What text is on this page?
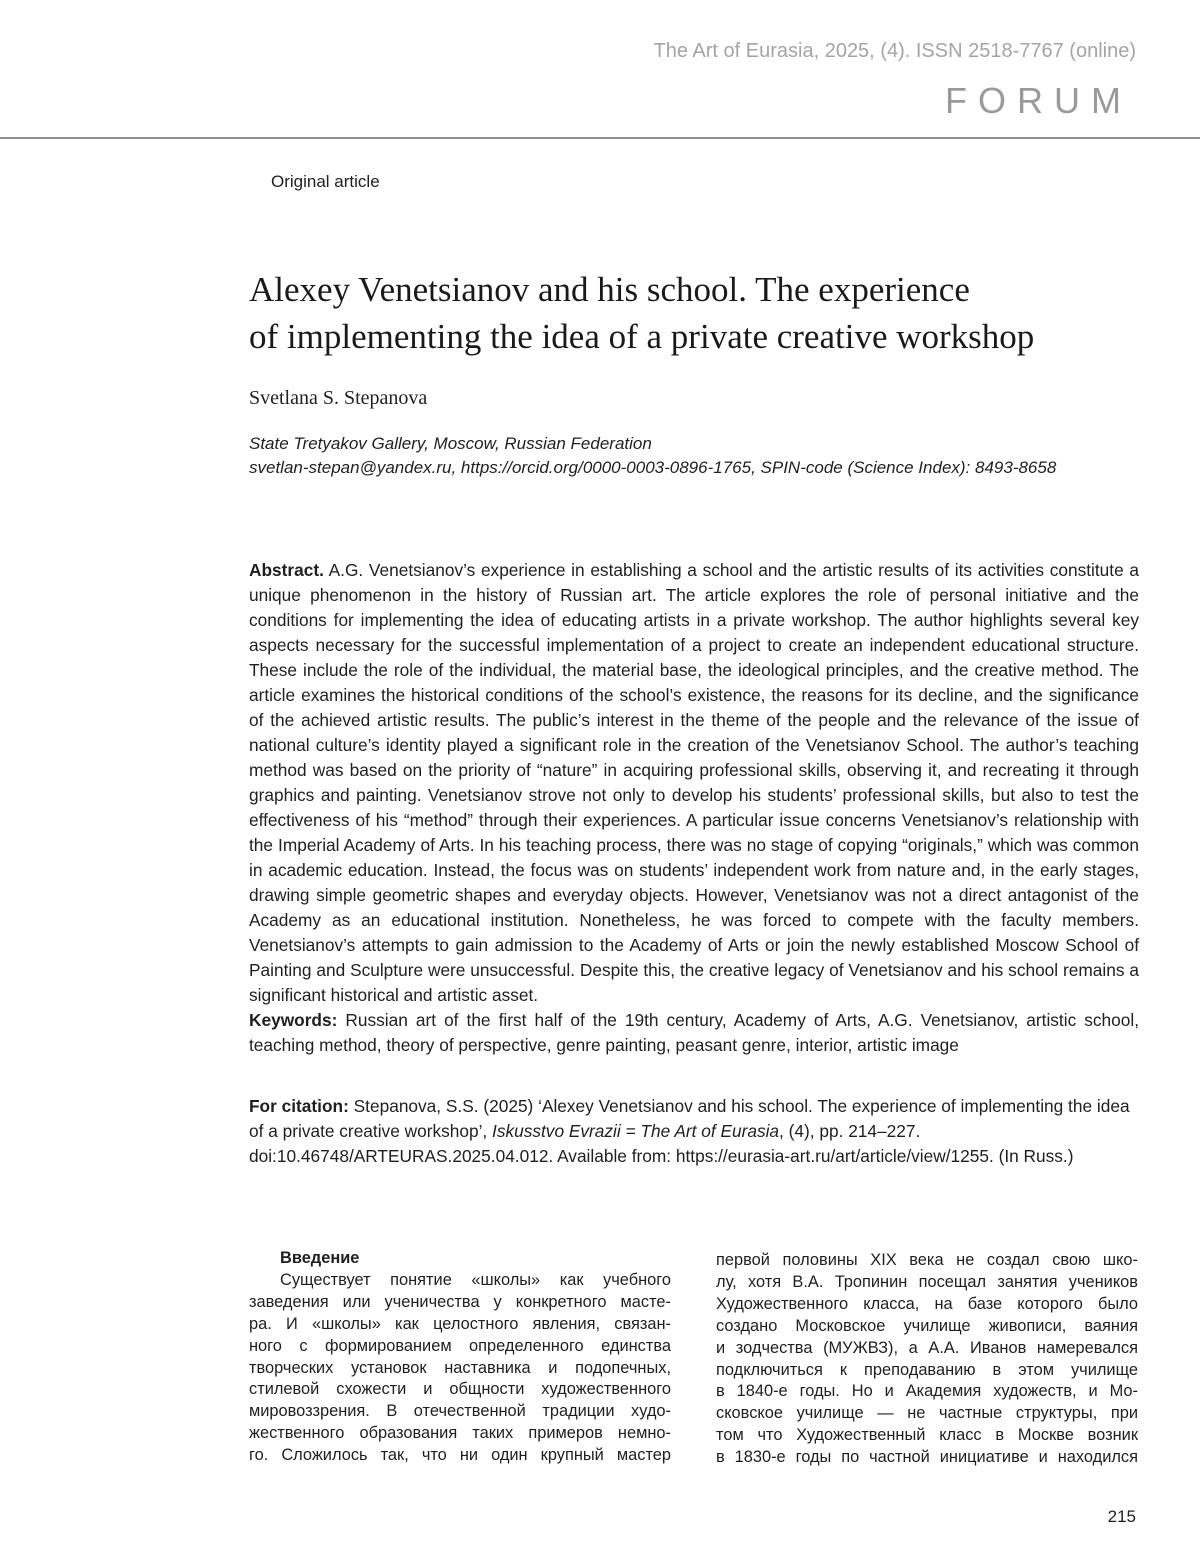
The Art of Eurasia, 2025, (4). ISSN 2518-7767 (online)
FORUM
Original article
Alexey Venetsianov and his school. The experience
of implementing the idea of a private creative workshop
Svetlana S. Stepanova
State Tretyakov Gallery, Moscow, Russian Federation
svetlan-stepan@yandex.ru, https://orcid.org/0000-0003-0896-1765, SPIN-code (Science Index): 8493-8658
Abstract. A.G. Venetsianov’s experience in establishing a school and the artistic results of its activities constitute a unique phenomenon in the history of Russian art. The article explores the role of personal initiative and the conditions for implementing the idea of educating artists in a private workshop. The author highlights several key aspects necessary for the successful implementation of a project to create an independent educational structure. These include the role of the individual, the material base, the ideological principles, and the creative method. The article examines the historical conditions of the school’s existence, the reasons for its decline, and the significance of the achieved artistic results. The public’s interest in the theme of the people and the relevance of the issue of national culture’s identity played a significant role in the creation of the Venetsianov School. The author’s teaching method was based on the priority of “nature” in acquiring professional skills, observing it, and recreating it through graphics and painting. Venetsianov strove not only to develop his students’ professional skills, but also to test the effectiveness of his “method” through their experiences. A particular issue concerns Venetsianov’s relationship with the Imperial Academy of Arts. In his teaching process, there was no stage of copying “originals,” which was common in academic education. Instead, the focus was on students’ independent work from nature and, in the early stages, drawing simple geometric shapes and everyday objects. However, Venetsianov was not a direct antagonist of the Academy as an educational institution. Nonetheless, he was forced to compete with the faculty members. Venetsianov’s attempts to gain admission to the Academy of Arts or join the newly established Moscow School of Painting and Sculpture were unsuccessful. Despite this, the creative legacy of Venetsianov and his school remains a significant historical and artistic asset.
Keywords: Russian art of the first half of the 19th century, Academy of Arts, A.G. Venetsianov, artistic school, teaching method, theory of perspective, genre painting, peasant genre, interior, artistic image
For citation: Stepanova, S.S. (2025) ‘Alexey Venetsianov and his school. The experience of implementing the idea of a private creative workshop’, Iskusstvo Evrazii = The Art of Eurasia, (4), pp. 214–227. doi:10.46748/ARTEURAS.2025.04.012. Available from: https://eurasia-art.ru/art/article/view/1255. (In Russ.)
Введение
Существует понятие «школы» как учебного
заведения или ученичества у конкретного масте-
ра. И «школы» как целостного явления, связан-
ного с формированием определенного единства
творческих установок наставника и подопечных,
стилевой схожести и общности художественного
мировоззрения. В отечественной традиции худо-
жественного образования таких примеров немно-
го. Сложилось так, что ни один крупный мастер
первой половины XIX века не создал свою шко-
лу, хотя В.А. Тропинин посещал занятия учеников
Художественного класса, на базе которого было
создано Московское училище живописи, ваяния
и зодчества (МУЖВЗ), а А.А. Иванов намеревался
подключиться к преподаванию в этом училище
в 1840-е годы. Но и Академия художеств, и Мо-
сковское училище — не частные структуры, при
том что Художественный класс в Москве возник
в 1830-е годы по частной инициативе и находился
215
